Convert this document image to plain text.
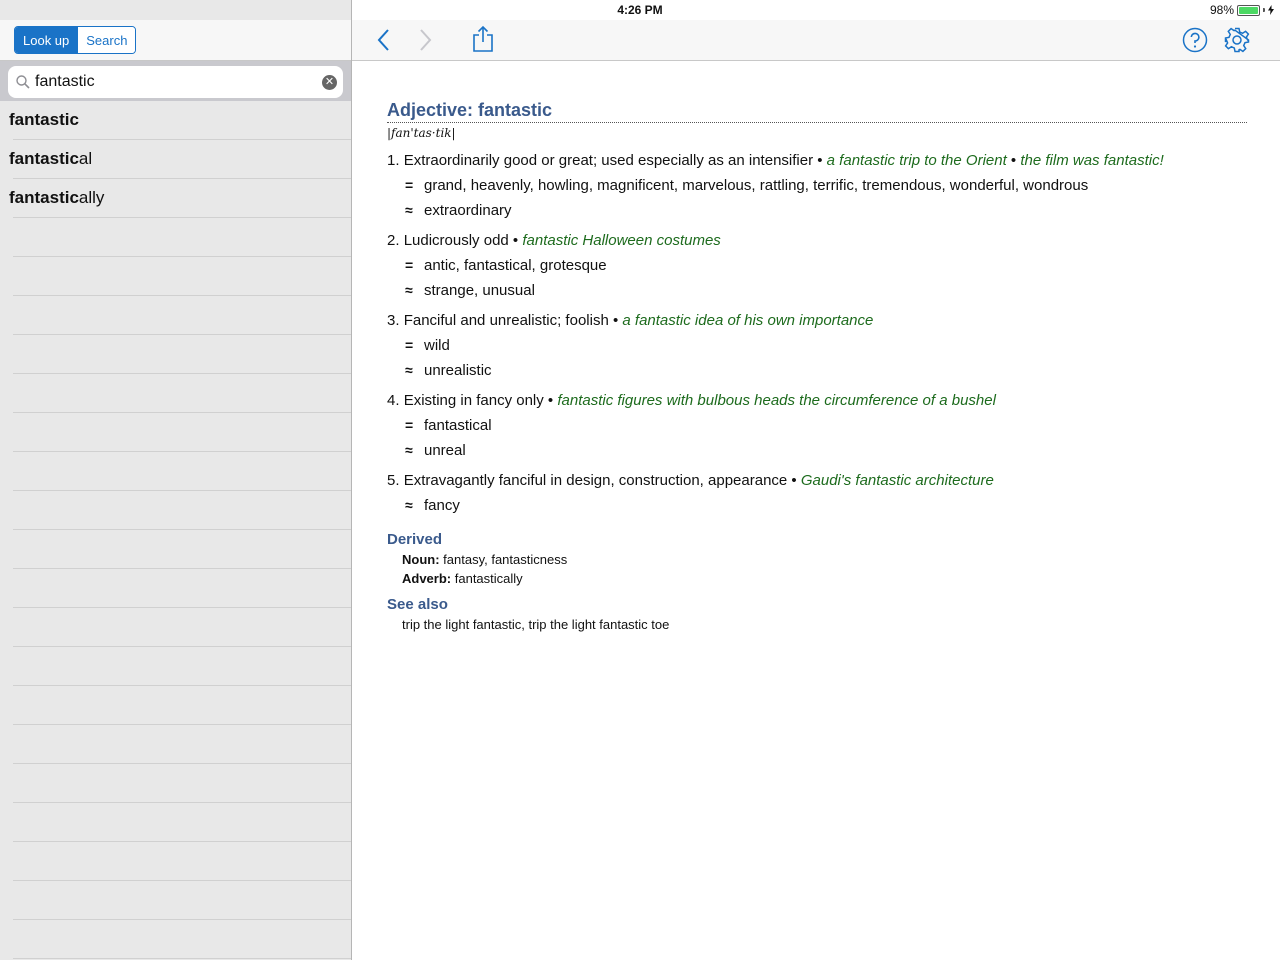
4:26 PM	98%
Look up	Search
fantastic
✕
fantastic
fantastical
fantastically
Adjective: fantastic
|fan'tas·tik|
1. Extraordinarily good or great; used especially as an intensifier • a fantastic trip to the Orient • the film was fantastic!
= grand, heavenly, howling, magnificent, marvelous, rattling, terrific, tremendous, wonderful, wondrous
≈ extraordinary
2. Ludicrously odd • fantastic Halloween costumes
= antic, fantastical, grotesque
≈ strange, unusual
3. Fanciful and unrealistic; foolish • a fantastic idea of his own importance
= wild
≈ unrealistic
4. Existing in fancy only • fantastic figures with bulbous heads the circumference of a bushel
= fantastical
≈ unreal
5. Extravagantly fanciful in design, construction, appearance • Gaudi's fantastic architecture
≈ fancy
Derived
Noun: fantasy, fantasticness
Adverb: fantastically
See also
trip the light fantastic, trip the light fantastic toe
